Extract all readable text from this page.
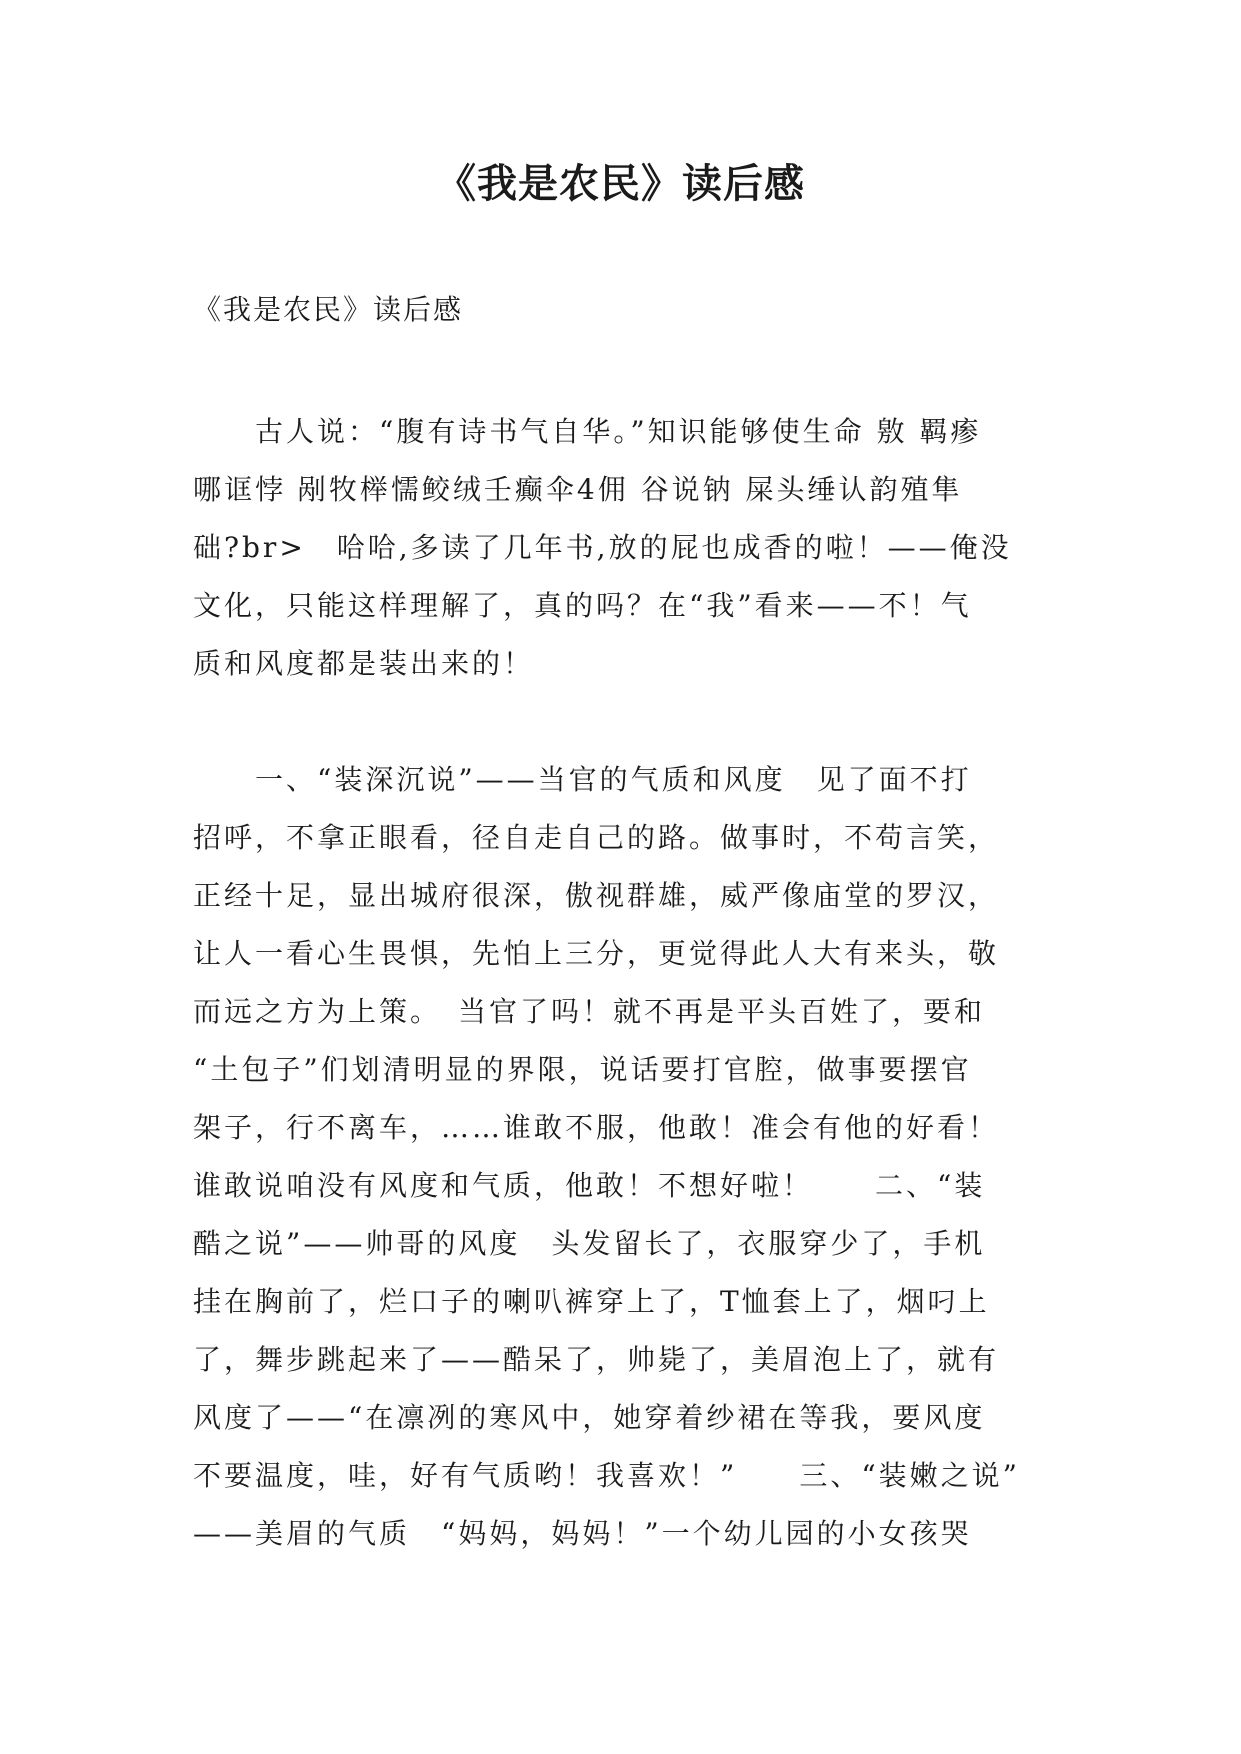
《我是农民》读后感

《我是农民》读后感

　　古人说：“腹有诗书气自华。”知识能够使生命 敫 羁瘆
哪诓悖 剐牧榉懦鲛绒壬癫伞4佣 谷说钠 屎头缍认韵殖隼
础?br>　哈哈,多读了几年书,放的屁也成香的啦！——俺没
文化，只能这样理解了，真的吗？在“我”看来——不！气
质和风度都是装出来的！
　　一、“装深沉说”——当官的气质和风度　见了面不打
招呼，不拿正眼看，径自走自己的路。做事时，不苟言笑，
正经十足，显出城府很深，傲视群雄，威严像庙堂的罗汉，
让人一看心生畏惧，先怕上三分，更觉得此人大有来头，敬
而远之方为上策。　当官了吗！就不再是平头百姓了，要和
“土包子”们划清明显的界限，说话要打官腔，做事要摆官
架子，行不离车，……谁敢不服，他敢！准会有他的好看！
谁敢说咱没有风度和气质，他敢！不想好啦！　　二、“装
酷之说”——帅哥的风度　头发留长了，衣服穿少了，手机
挂在胸前了，烂口子的喇叭裤穿上了，T恤套上了，烟叼上
了，舞步跳起来了——酷呆了，帅毙了，美眉泡上了，就有
风度了——“在凛冽的寒风中，她穿着纱裙在等我，要风度
不要温度，哇，好有气质哟！我喜欢！”　　三、“装嫩之说”
——美眉的气质　“妈妈，妈妈！”一个幼儿园的小女孩哭
